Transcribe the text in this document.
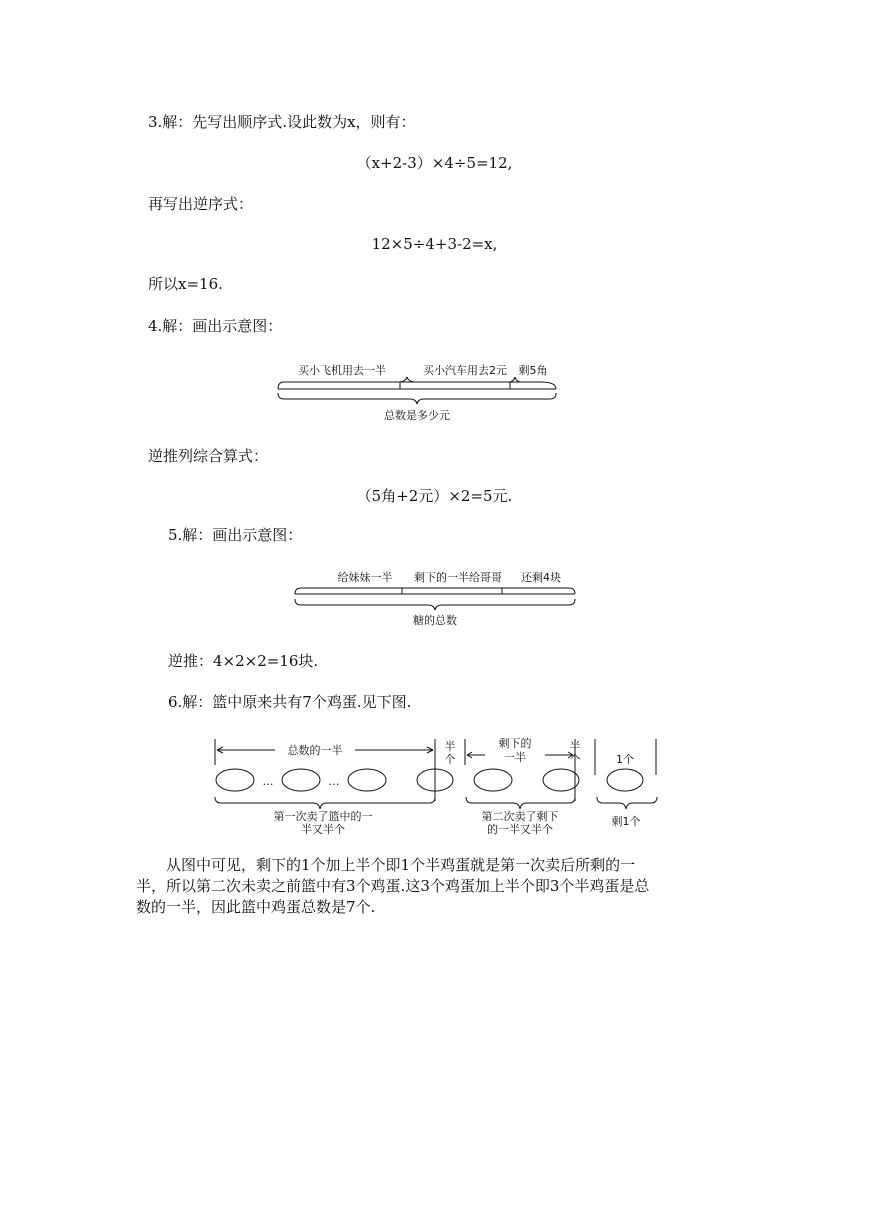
3.解：先写出顺序式.设此数为x，则有：
（x+2-3）×4÷5=12,
再写出逆序式：
12×5÷4+3-2=x,
所以x=16.
4.解：画出示意图：
买小飞机用去一半	买小汽车用去2元 剩5角
总数是多少元
逆推列综合算式：
（5角+2元）×2=5元.
5.解：画出示意图：
给妹妹一半 剩下的一半给哥哥 还剩4块
糖的总数
逆推：4×2×2=16块.
6.解：篮中原来共有7个鸡蛋.见下图.
总数的一半	半
个
剩下的
一半
半
个	1个
…	…
第一次卖了篮中的一
半又半个
第二次卖了剩下
的一半又半个
剩1个

从图中可见，剩下的1个加上半个即1个半鸡蛋就是第一次卖后所剩的一

半，所以第二次未卖之前篮中有3个鸡蛋.这3个鸡蛋加上半个即3个半鸡蛋是总

数的一半，因此篮中鸡蛋总数是7个.
